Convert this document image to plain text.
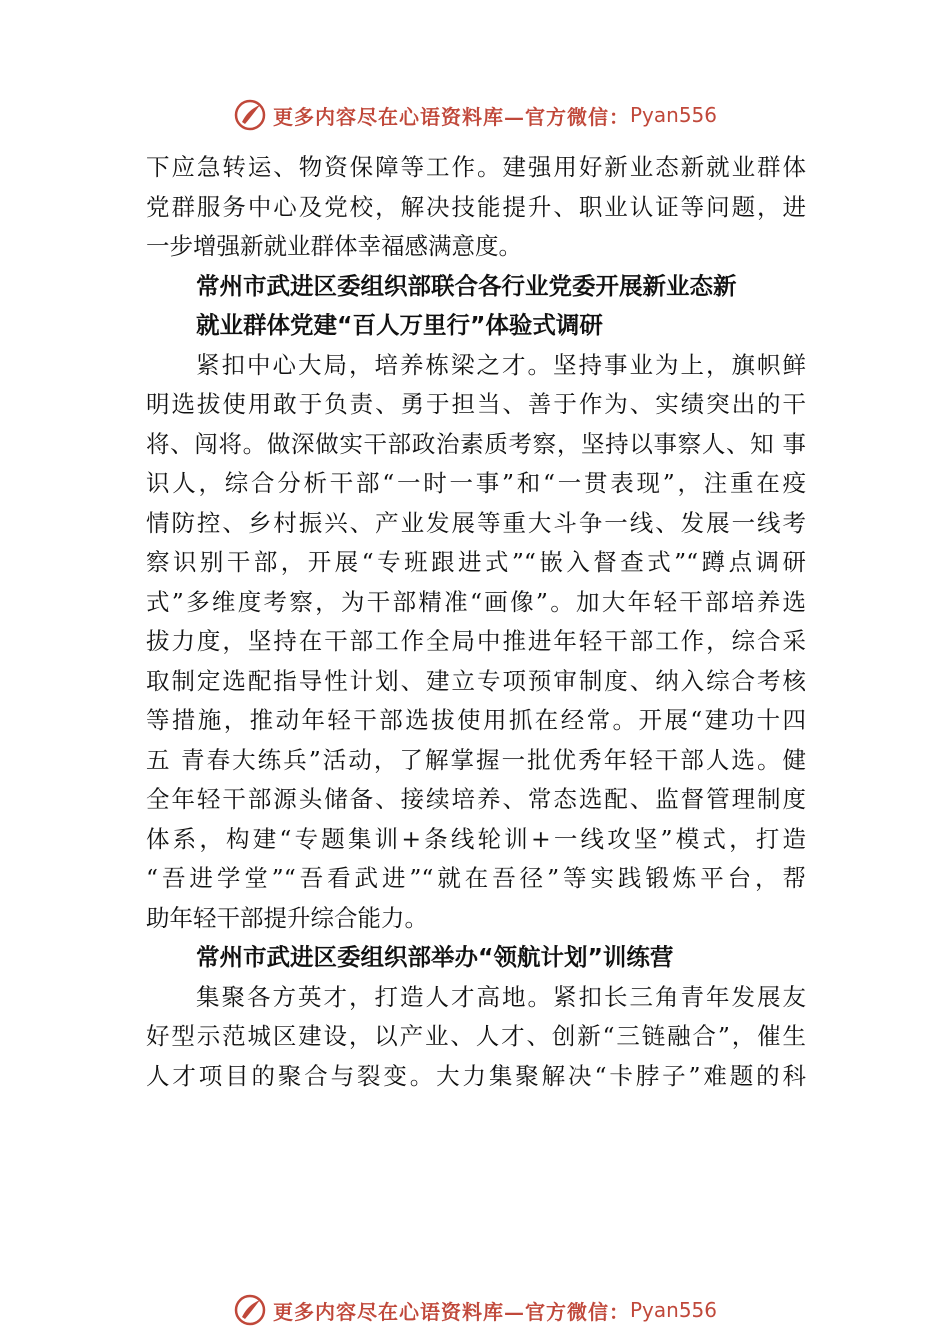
更多内容尽在心语资料库—官方微信： Pyan556
下应急转运、物资保障等工作。建强用好新业态新就业群体
党群服务中心及党校，解决技能提升、职业认证等问题，进
一步增强新就业群体幸福感满意度。
常州市武进区委组织部联合各行业党委开展新业态新
就业群体党建“百人万里行”体验式调研
紧扣中心大局，培养栋梁之才。坚持事业为上，旗帜鲜
明选拔使用敢于负责、勇于担当、善于作为、实绩突出的干
将、闯将。做深做实干部政治素质考察，坚持以事察人、知 事
识人，综合分析干部“一时一事”和“一贯表现”，注重在疫
情防控、乡村振兴、产业发展等重大斗争一线、发展一线考
察识别干部，开展“专班跟进式”“嵌入督查式”“蹲点调研
式”多维度考察，为干部精准“画像”。加大年轻干部培养选
拔力度，坚持在干部工作全局中推进年轻干部工作，综合采
取制定选配指导性计划、建立专项预审制度、纳入综合考核
等措施，推动年轻干部选拔使用抓在经常。开展“建功十四
五 青春大练兵”活动，了解掌握一批优秀年轻干部人选。健
全年轻干部源头储备、接续培养、常态选配、监督管理制度
体系，构建“专题集训+条线轮训+一线攻坚”模式，打造
“吾进学堂”“吾看武进”“就在吾径”等实践锻炼平台，帮
助年轻干部提升综合能力。
常州市武进区委组织部举办“领航计划”训练营
集聚各方英才，打造人才高地。紧扣长三角青年发展友
好型示范城区建设，以产业、人才、创新“三链融合”，催生
人才项目的聚合与裂变。大力集聚解决“卡脖子”难题的科
更多内容尽在心语资料库—官方微信： Pyan556
